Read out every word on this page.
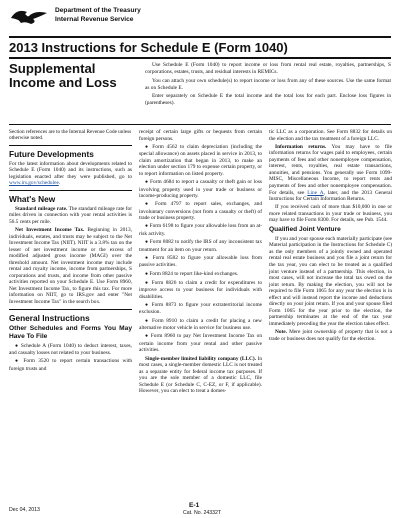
Department of the Treasury
Internal Revenue Service
2013 Instructions for Schedule E (Form 1040)
Supplemental Income and Loss

Use Schedule E (Form 1040) to report income or loss from rental real estate, royalties, partnerships, S corporations, estates, trusts, and residual interests in REMICs.

You can attach your own schedule(s) to report income or loss from any of these sources. Use the same format as on Schedule E.

Enter separately on Schedule E the total income and the total loss for each part. Enclose loss figures in (parentheses).

Section references are to the Internal Revenue Code unless otherwise noted.

Future Developments

For the latest information about developments related to Schedule E (Form 1040) and its instructions, such as legislation enacted after they were published, go to www.irs.gov/schedulee.

What's New

Standard mileage rate. The standard mileage rate for miles driven in connection with your rental activities is 56.5 cents per mile.

Net Investment Income Tax. Beginning in 2013, individuals, estates, and trusts may be subject to the Net Investment Income Tax (NIIT). NIIT is a 3.8% tax on the lesser of net investment income or the excess of modified adjusted gross income (MAGI) over the threshold amount. Net investment income may include rental and royalty income, income from partnerships, S corporations and trusts, and income from other passive activities reported on your Schedule E. Use Form 8960, Net Investment Income Tax, to figure this tax. For more information on NIIT, go to IRS.gov and enter "Net Investment Income Tax" in the search box.

General Instructions
Other Schedules and Forms You May Have To File

● Schedule A (Form 1040) to deduct interest, taxes, and casualty losses not related to your business.

● Form 3520 to report certain transactions with foreign trusts and

receipt of certain large gifts or bequests from certain foreign persons.

● Form 4562 to claim depreciation (including the special allowance) on assets placed in service in 2013, to claim amortization that began in 2013, to make an election under section 179 to expense certain property, or to report information on listed property.

● Form 4684 to report a casualty or theft gain or loss involving property used in your trade or business or income-producing property.

● Form 4797 to report sales, exchanges, and involuntary conversions (not from a casualty or theft) of trade or business property.

● Form 6198 to figure your allowable loss from an at-risk activity.

● Form 8082 to notify the IRS of any inconsistent tax treatment for an item on your return.

● Form 8582 to figure your allowable loss from passive activities.

● Form 8824 to report like-kind exchanges.

● Form 8826 to claim a credit for expenditures to improve access to your business for individuals with disabilities.

● Form 8873 to figure your extraterritorial income exclusion.

● Form 8910 to claim a credit for placing a new alternative motor vehicle in service for business use.

● Form 8960 to pay Net Investment Income Tax on certain income from your rental and other passive activities.

Single-member limited liability company (LLC). In most cases, a single-member domestic LLC is not treated as a separate entity for federal income tax purposes. If you are the sole member of a domestic LLC, file Schedule E (or Schedule C, C-EZ, or F, if applicable). However, you can elect to treat a domes-

tic LLC as a corporation. See Form 8832 for details on the election and the tax treatment of a foreign LLC.

Information returns. You may have to file information returns for wages paid to employees, certain payments of fees and other nonemployee compensation, interest, rents, royalties, real estate transactions, annuities, and pensions. You generally use Form 1099-MISC, Miscellaneous Income, to report rents and payments of fees and other nonemployee compensation. For details, see Line A, later, and the 2013 General Instructions for Certain Information Returns.

If you received cash of more than $10,000 in one or more related transactions in your trade or business, you may have to file Form 8300. For details, see Pub. 1544.

Qualified Joint Venture

If you and your spouse each materially participate (see Material participation in the Instructions for Schedule C) as the only members of a jointly owned and operated rental real estate business and you file a joint return for the tax year, you can elect to be treated as a qualified joint venture instead of a partnership. This election, in most cases, will not increase the total tax owed on the joint return. By making the election, you will not be required to file Form 1065 for any year the election is in effect and will instead report the income and deductions directly on your joint return. If you and your spouse filed Form 1065 for the year prior to the election, the partnership terminates at the end of the tax year immediately preceding the year the election takes effect.

Note. Mere joint ownership of property that is not a trade or business does not qualify for the election.

Dec 04, 2013
E-1
Cat. No. 24332T
